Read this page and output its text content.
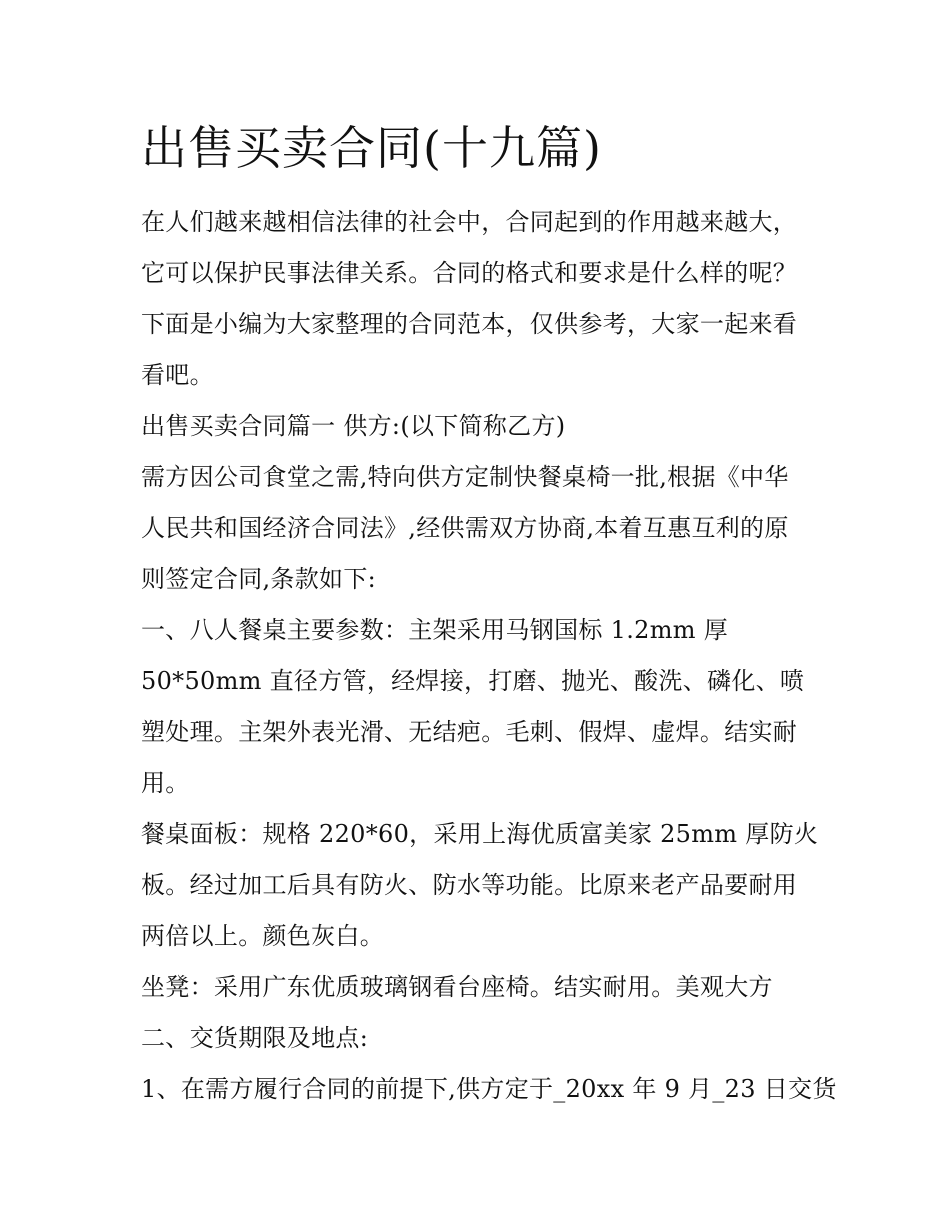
出售买卖合同(十九篇)
在人们越来越相信法律的社会中，合同起到的作用越来越大，
它可以保护民事法律关系。合同的格式和要求是什么样的呢？
下面是小编为大家整理的合同范本，仅供参考，大家一起来看
看吧。
出售买卖合同篇一 供方:(以下简称乙方)
需方因公司食堂之需,特向供方定制快餐桌椅一批,根据《中华
人民共和国经济合同法》,经供需双方协商,本着互惠互利的原
则签定合同,条款如下:
一、八人餐桌主要参数：主架采用马钢国标 1.2mm 厚
50*50mm 直径方管，经焊接，打磨、抛光、酸洗、磷化、喷
塑处理。主架外表光滑、无结疤。毛刺、假焊、虚焊。结实耐
用。
餐桌面板：规格 220*60，采用上海优质富美家 25mm 厚防火
板。经过加工后具有防火、防水等功能。比原来老产品要耐用
两倍以上。颜色灰白。
坐凳：采用广东优质玻璃钢看台座椅。结实耐用。美观大方
二、交货期限及地点:
1、在需方履行合同的前提下,供方定于_20xx 年 9 月_23 日交货
